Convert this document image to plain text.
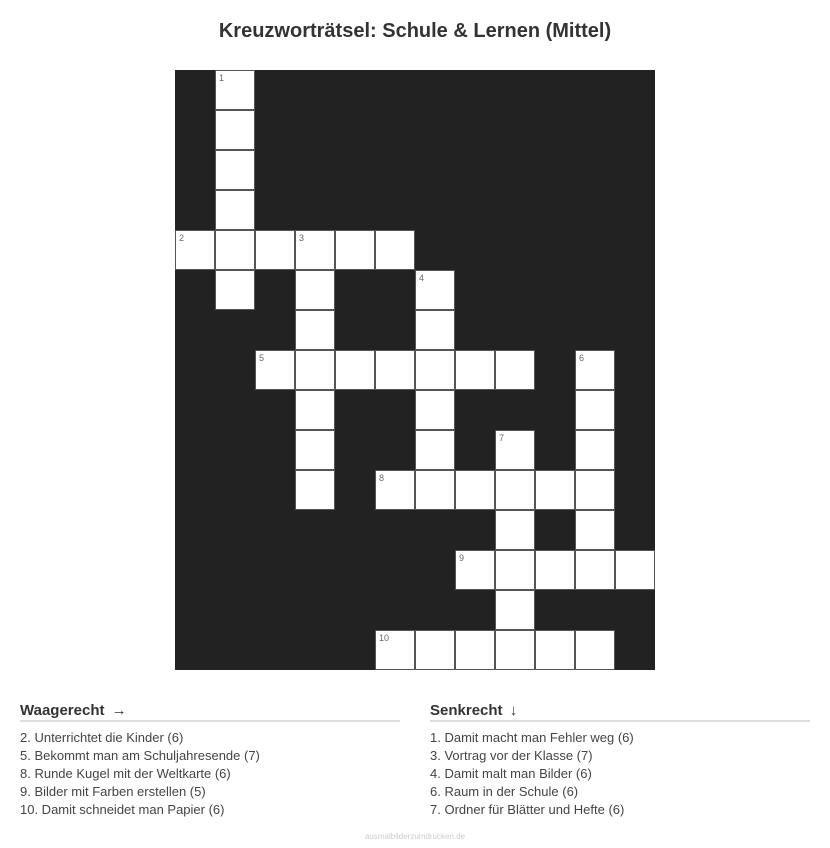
Kreuzworträtsel: Schule & Lernen (Mittel)
1
2	3
4
5	6
7
8
9
10
Waagerecht →
2. Unterrichtet die Kinder (6)
5. Bekommt man am Schuljahresende (7)
8. Runde Kugel mit der Weltkarte (6)
9. Bilder mit Farben erstellen (5)
10. Damit schneidet man Papier (6)
Senkrecht ↓
1. Damit macht man Fehler weg (6)
3. Vortrag vor der Klasse (7)
4. Damit malt man Bilder (6)
6. Raum in der Schule (6)
7. Ordner für Blätter und Hefte (6)
ausmalbilderzumdrucken.de
